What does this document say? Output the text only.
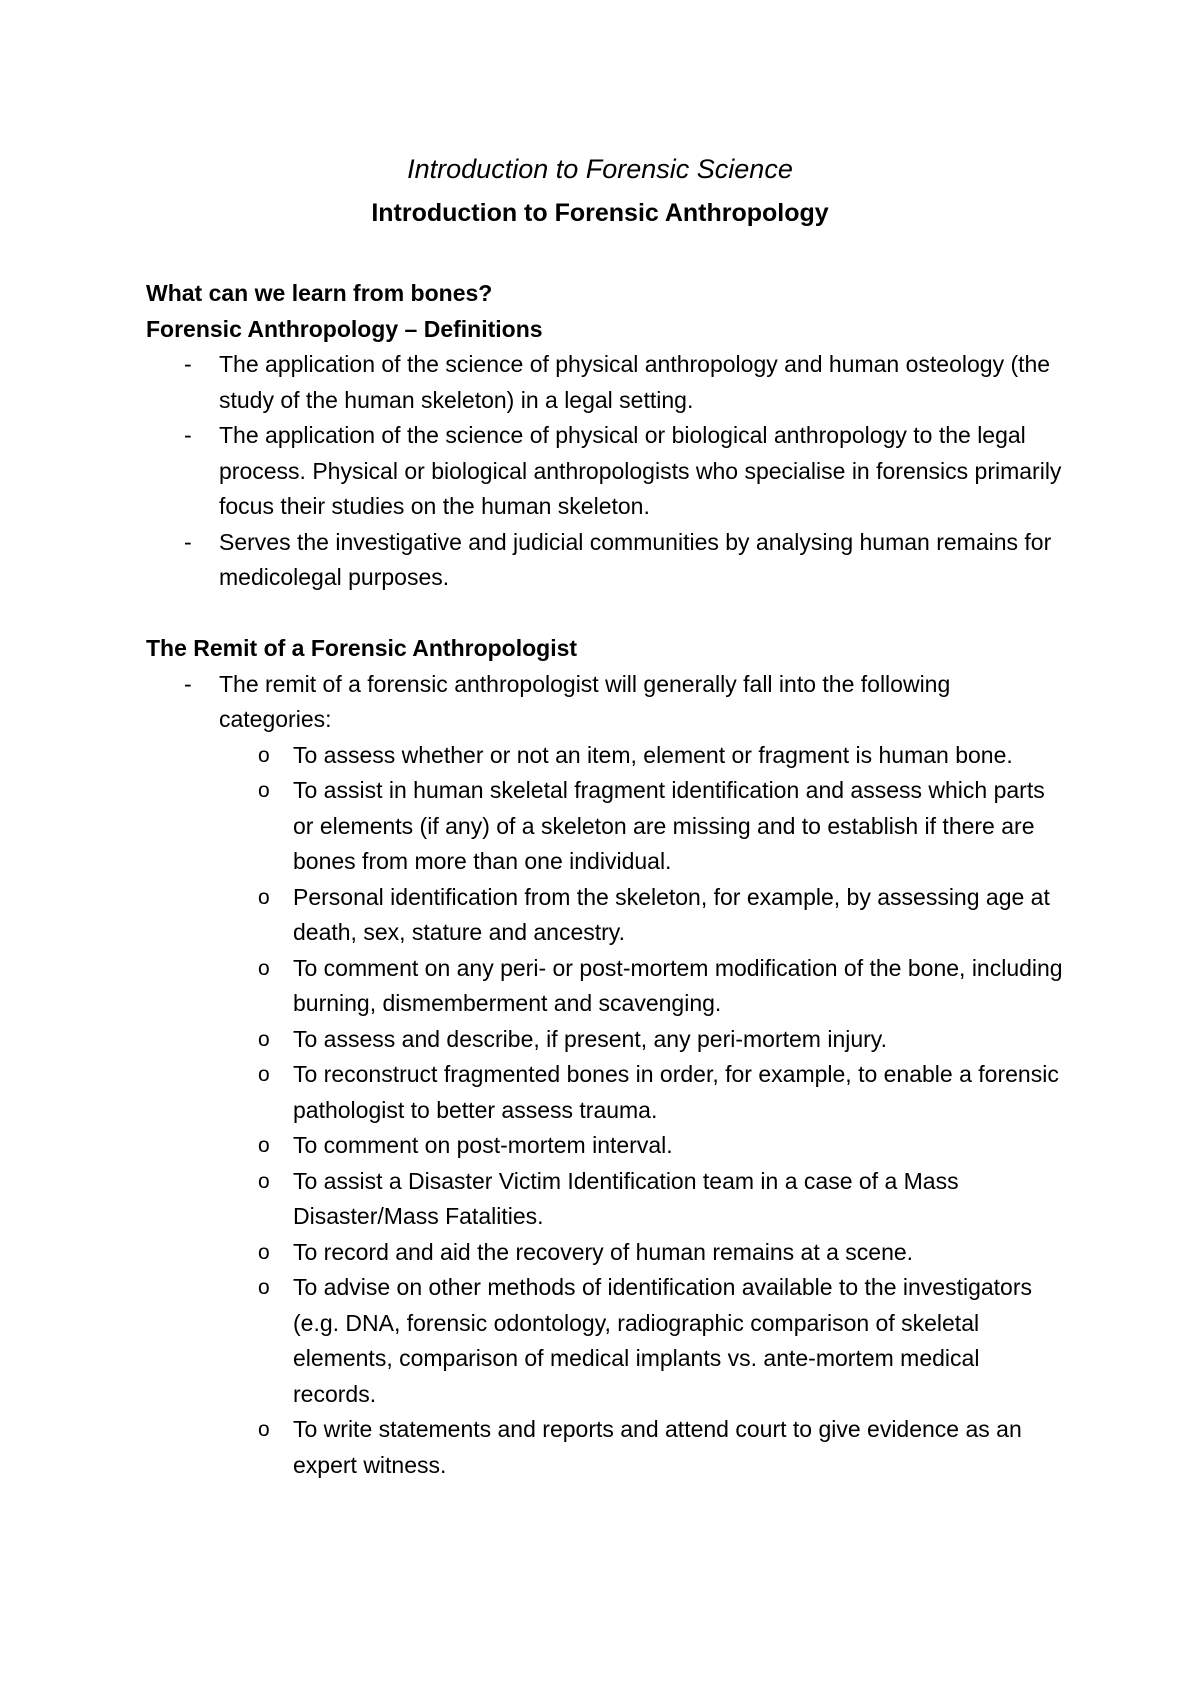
Introduction to Forensic Science
Introduction to Forensic Anthropology

What can we learn from bones?

Forensic Anthropology – Definitions

-	The application of the science of physical anthropology and human osteology (the study of the human skeleton) in a legal setting.
-	The application of the science of physical or biological anthropology to the legal process. Physical or biological anthropologists who specialise in forensics primarily focus their studies on the human skeleton.
-	Serves the investigative and judicial communities by analysing human remains for medicolegal purposes.

The Remit of a Forensic Anthropologist

-	The remit of a forensic anthropologist will generally fall into the following categories:
o	To assess whether or not an item, element or fragment is human bone.
o	To assist in human skeletal fragment identification and assess which parts or elements (if any) of a skeleton are missing and to establish if there are bones from more than one individual.
o	Personal identification from the skeleton, for example, by assessing age at death, sex, stature and ancestry.
o	To comment on any peri- or post-mortem modification of the bone, including burning, dismemberment and scavenging.
o	To assess and describe, if present, any peri-mortem injury.
o	To reconstruct fragmented bones in order, for example, to enable a forensic pathologist to better assess trauma.
o	To comment on post-mortem interval.
o	To assist a Disaster Victim Identification team in a case of a Mass Disaster/Mass Fatalities.
o	To record and aid the recovery of human remains at a scene.
o	To advise on other methods of identification available to the investigators (e.g. DNA, forensic odontology, radiographic comparison of skeletal elements, comparison of medical implants vs. ante-mortem medical records.
o	To write statements and reports and attend court to give evidence as an expert witness.
